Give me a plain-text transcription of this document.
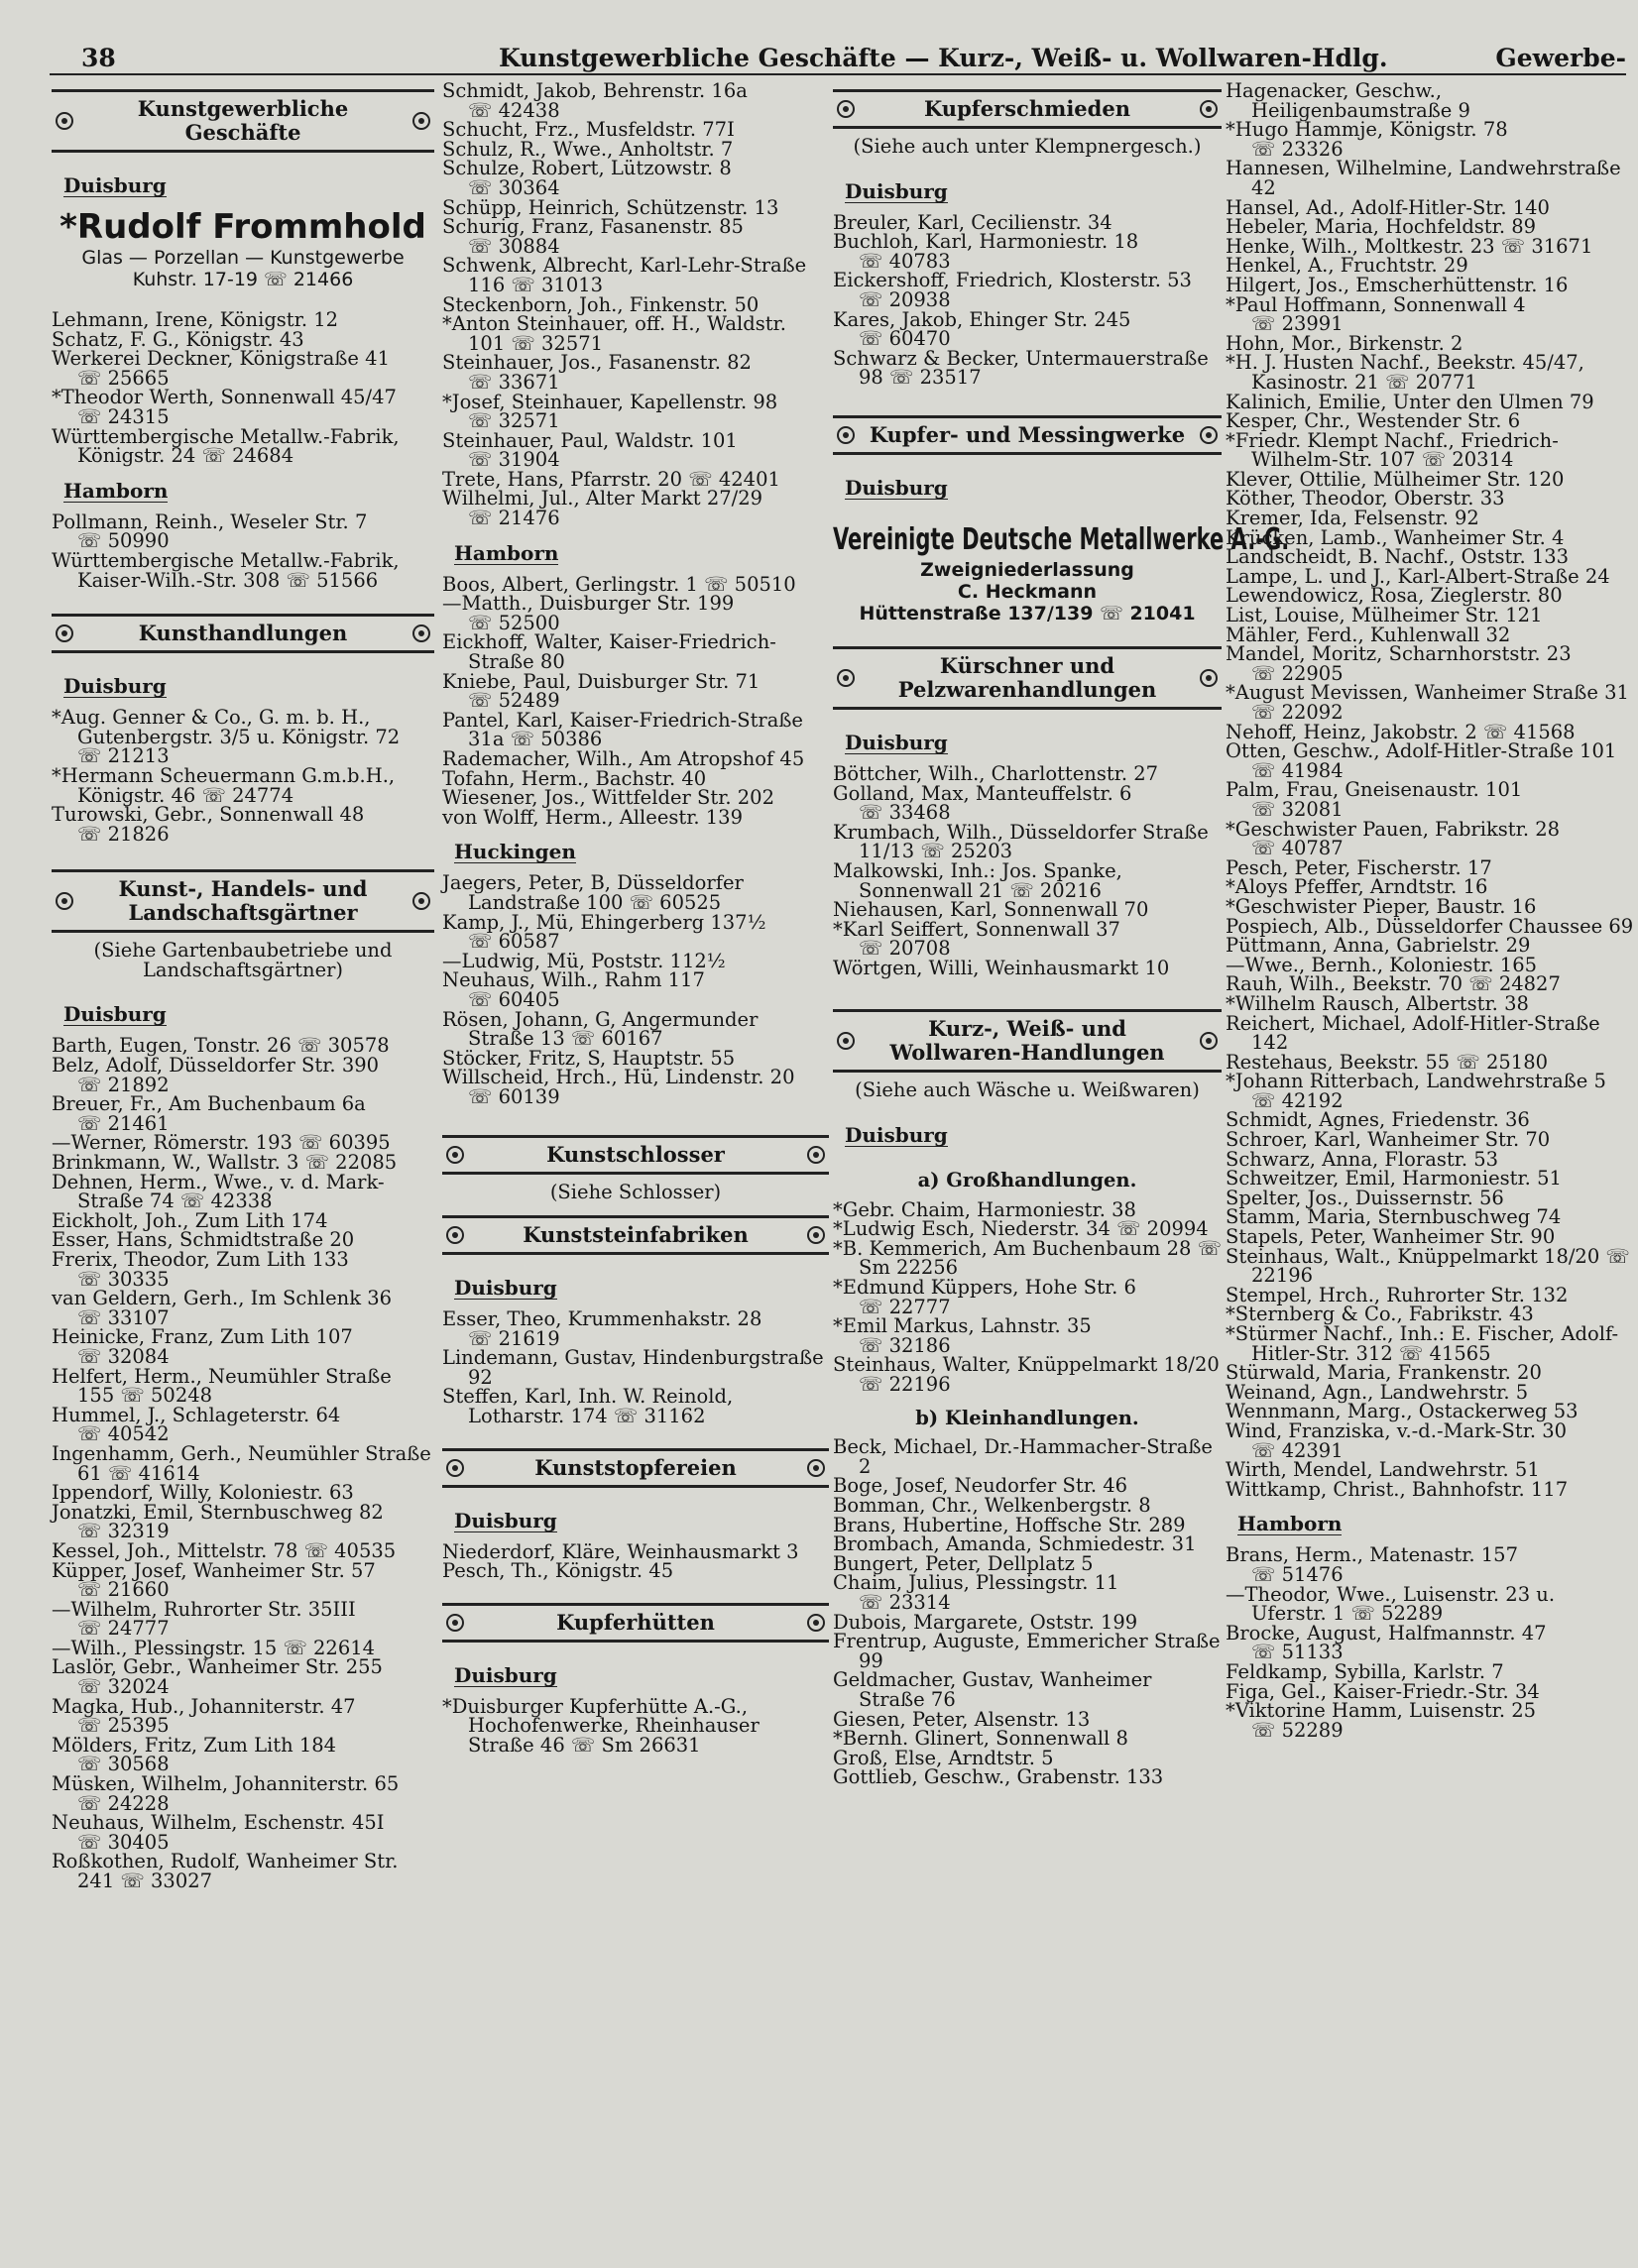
38	Kunstgewerbliche Geschäfte — Kurz-, Weiß- u. Wollwaren-Hdlg.	Gewerbe-
Kunstgewerbliche Geschäfte
Duisburg
*Rudolf Frommhold
Glas — Porzellan — Kunstgewerbe
Kuhstr. 17-19 ☏ 21466
Lehmann, Irene, Königstr. 12
Schatz, F. G., Königstr. 43
Werkerei Deckner, Königstraße 41
☏ 25665
*Theodor Werth, Sonnenwall 45/47
☏ 24315
Württembergische Metallw.-Fabrik, Königstr. 24 ☏ 24684
Hamborn
Pollmann, Reinh., Weseler Str. 7
☏ 50990
Württembergische Metallw.-Fabrik, Kaiser-Wilh.-Str. 308 ☏ 51566
Kunsthandlungen
Duisburg
*Aug. Genner & Co., G. m. b. H., Gutenbergstr. 3/5 u. Königstr. 72
☏ 21213
*Hermann Scheuermann G.m.b.H., Königstr. 46 ☏ 24774
Turowski, Gebr., Sonnenwall 48
☏ 21826
Kunst-, Handels- und
Landschaftsgärtner
(Siehe Gartenbaubetriebe und
Landschaftsgärtner)
Duisburg
Barth, Eugen, Tonstr. 26 ☏ 30578
Belz, Adolf, Düsseldorfer Str. 390
☏ 21892
Breuer, Fr., Am Buchenbaum 6a
☏ 21461
—Werner, Römerstr. 193 ☏ 60395
Brinkmann, W., Wallstr. 3 ☏ 22085
Dehnen, Herm., Wwe., v. d. Mark-Straße 74 ☏ 42338
Eickholt, Joh., Zum Lith 174
Esser, Hans, Schmidtstraße 20
Frerix, Theodor, Zum Lith 133
☏ 30335
van Geldern, Gerh., Im Schlenk 36
☏ 33107
Heinicke, Franz, Zum Lith 107
☏ 32084
Helfert, Herm., Neumühler Straße 155 ☏ 50248
Hummel, J., Schlageterstr. 64
☏ 40542
Ingenhamm, Gerh., Neumühler Straße 61 ☏ 41614
Ippendorf, Willy, Koloniestr. 63
Jonatzki, Emil, Sternbuschweg 82
☏ 32319
Kessel, Joh., Mittelstr. 78 ☏ 40535
Küpper, Josef, Wanheimer Str. 57
☏ 21660
—Wilhelm, Ruhrorter Str. 35III
☏ 24777
—Wilh., Plessingstr. 15 ☏ 22614
Laslör, Gebr., Wanheimer Str. 255
☏ 32024
Magka, Hub., Johanniterstr. 47
☏ 25395
Mölders, Fritz, Zum Lith 184
☏ 30568
Müsken, Wilhelm, Johanniterstr. 65
☏ 24228
Neuhaus, Wilhelm, Eschenstr. 45I
☏ 30405
Roßkothen, Rudolf, Wanheimer Str. 241 ☏ 33027
Schmidt, Jakob, Behrenstr. 16a
☏ 42438
Schucht, Frz., Musfeldstr. 77I
Schulz, R., Wwe., Anholtstr. 7
Schulze, Robert, Lützowstr. 8
☏ 30364
Schüpp, Heinrich, Schützenstr. 13
Schurig, Franz, Fasanenstr. 85
☏ 30884
Schwenk, Albrecht, Karl-Lehr-Straße 116 ☏ 31013
Steckenborn, Joh., Finkenstr. 50
*Anton Steinhauer, off. H., Waldstr. 101 ☏ 32571
Steinhauer, Jos., Fasanenstr. 82
☏ 33671
*Josef, Steinhauer, Kapellenstr. 98
☏ 32571
Steinhauer, Paul, Waldstr. 101
☏ 31904
Trete, Hans, Pfarrstr. 20 ☏ 42401
Wilhelmi, Jul., Alter Markt 27/29
☏ 21476
Hamborn
Boos, Albert, Gerlingstr. 1 ☏ 50510
—Matth., Duisburger Str. 199
☏ 52500
Eickhoff, Walter, Kaiser-Friedrich-Straße 80
Kniebe, Paul, Duisburger Str. 71
☏ 52489
Pantel, Karl, Kaiser-Friedrich-Straße 31a ☏ 50386
Rademacher, Wilh., Am Atropshof 45
Tofahn, Herm., Bachstr. 40
Wiesener, Jos., Wittfelder Str. 202
von Wolff, Herm., Alleestr. 139
Huckingen
Jaegers, Peter, B, Düsseldorfer Landstraße 100 ☏ 60525
Kamp, J., Mü, Ehingerberg 137½
☏ 60587
—Ludwig, Mü, Poststr. 112½
Neuhaus, Wilh., Rahm 117
☏ 60405
Rösen, Johann, G, Angermunder Straße 13 ☏ 60167
Stöcker, Fritz, S, Hauptstr. 55
Willscheid, Hrch., Hü, Lindenstr. 20
☏ 60139
Kunstschlosser
(Siehe Schlosser)
Kunststeinfabriken
Duisburg
Esser, Theo, Krummenhakstr. 28
☏ 21619
Lindemann, Gustav, Hindenburgstraße 92
Steffen, Karl, Inh. W. Reinold, Lotharstr. 174 ☏ 31162
Kunststopfereien
Duisburg
Niederdorf, Kläre, Weinhausmarkt 3
Pesch, Th., Königstr. 45
Kupferhütten
Duisburg
*Duisburger Kupferhütte A.-G., Hochofenwerke, Rheinhauser Straße 46 ☏ Sm 26631
Kupferschmieden
(Siehe auch unter Klempnergesch.)
Duisburg
Breuler, Karl, Cecilienstr. 34
Buchloh, Karl, Harmoniestr. 18
☏ 40783
Eickershoff, Friedrich, Klosterstr. 53
☏ 20938
Kares, Jakob, Ehinger Str. 245
☏ 60470
Schwarz & Becker, Untermauerstraße 98 ☏ 23517
Kupfer- und Messingwerke
Duisburg
Vereinigte Deutsche Metallwerke A.-G.
Zweigniederlassung
C. Heckmann
Hüttenstraße 137/139 ☏ 21041
Kürschner und
Pelzwarenhandlungen
Duisburg
Böttcher, Wilh., Charlottenstr. 27
Golland, Max, Manteuffelstr. 6
☏ 33468
Krumbach, Wilh., Düsseldorfer Straße 11/13 ☏ 25203
Malkowski, Inh.: Jos. Spanke, Sonnenwall 21 ☏ 20216
Niehausen, Karl, Sonnenwall 70
*Karl Seiffert, Sonnenwall 37
☏ 20708
Wörtgen, Willi, Weinhausmarkt 10
Kurz-, Weiß- und
Wollwaren-Handlungen
(Siehe auch Wäsche u. Weißwaren)
Duisburg
a) Großhandlungen.
*Gebr. Chaim, Harmoniestr. 38
*Ludwig Esch, Niederstr. 34 ☏ 20994
*B. Kemmerich, Am Buchenbaum 28 ☏ Sm 22256
*Edmund Küppers, Hohe Str. 6
☏ 22777
*Emil Markus, Lahnstr. 35
☏ 32186
Steinhaus, Walter, Knüppelmarkt 18/20 ☏ 22196
b) Kleinhandlungen.
Beck, Michael, Dr.-Hammacher-Straße 2
Boge, Josef, Neudorfer Str. 46
Bomman, Chr., Welkenbergstr. 8
Brans, Hubertine, Hoffsche Str. 289
Brombach, Amanda, Schmiedestr. 31
Bungert, Peter, Dellplatz 5
Chaim, Julius, Plessingstr. 11
☏ 23314
Dubois, Margarete, Oststr. 199
Frentrup, Auguste, Emmericher Straße 99
Geldmacher, Gustav, Wanheimer Straße 76
Giesen, Peter, Alsenstr. 13
*Bernh. Glinert, Sonnenwall 8
Groß, Else, Arndtstr. 5
Gottlieb, Geschw., Grabenstr. 133
Hagenacker, Geschw., Heiligenbaumstraße 9
*Hugo Hammje, Königstr. 78
☏ 23326
Hannesen, Wilhelmine, Landwehrstraße 42
Hansel, Ad., Adolf-Hitler-Str. 140
Hebeler, Maria, Hochfeldstr. 89
Henke, Wilh., Moltkestr. 23 ☏ 31671
Henkel, A., Fruchtstr. 29
Hilgert, Jos., Emscherhüttenstr. 16
*Paul Hoffmann, Sonnenwall 4
☏ 23991
Hohn, Mor., Birkenstr. 2
*H. J. Husten Nachf., Beekstr. 45/47, Kasinostr. 21 ☏ 20771
Kalinich, Emilie, Unter den Ulmen 79
Kesper, Chr., Westender Str. 6
*Friedr. Klempt Nachf., Friedrich-Wilhelm-Str. 107 ☏ 20314
Klever, Ottilie, Mülheimer Str. 120
Köther, Theodor, Oberstr. 33
Kremer, Ida, Felsenstr. 92
Krücken, Lamb., Wanheimer Str. 4
Landscheidt, B. Nachf., Oststr. 133
Lampe, L. und J., Karl-Albert-Straße 24
Lewendowicz, Rosa, Zieglerstr. 80
List, Louise, Mülheimer Str. 121
Mähler, Ferd., Kuhlenwall 32
Mandel, Moritz, Scharnhorststr. 23
☏ 22905
*August Mevissen, Wanheimer Straße 31 ☏ 22092
Nehoff, Heinz, Jakobstr. 2 ☏ 41568
Otten, Geschw., Adolf-Hitler-Straße 101 ☏ 41984
Palm, Frau, Gneisenaustr. 101
☏ 32081
*Geschwister Pauen, Fabrikstr. 28
☏ 40787
Pesch, Peter, Fischerstr. 17
*Aloys Pfeffer, Arndtstr. 16
*Geschwister Pieper, Baustr. 16
Pospiech, Alb., Düsseldorfer Chaussee 69
Püttmann, Anna, Gabrielstr. 29
—Wwe., Bernh., Koloniestr. 165
Rauh, Wilh., Beekstr. 70 ☏ 24827
*Wilhelm Rausch, Albertstr. 38
Reichert, Michael, Adolf-Hitler-Straße 142
Restehaus, Beekstr. 55 ☏ 25180
*Johann Ritterbach, Landwehrstraße 5 ☏ 42192
Schmidt, Agnes, Friedenstr. 36
Schroer, Karl, Wanheimer Str. 70
Schwarz, Anna, Florastr. 53
Schweitzer, Emil, Harmoniestr. 51
Spelter, Jos., Duissernstr. 56
Stamm, Maria, Sternbuschweg 74
Stapels, Peter, Wanheimer Str. 90
Steinhaus, Walt., Knüppelmarkt 18/20 ☏ 22196
Stempel, Hrch., Ruhrorter Str. 132
*Sternberg & Co., Fabrikstr. 43
*Stürmer Nachf., Inh.: E. Fischer, Adolf-Hitler-Str. 312 ☏ 41565
Stürwald, Maria, Frankenstr. 20
Weinand, Agn., Landwehrstr. 5
Wennmann, Marg., Ostackerweg 53
Wind, Franziska, v.-d.-Mark-Str. 30
☏ 42391
Wirth, Mendel, Landwehrstr. 51
Wittkamp, Christ., Bahnhofstr. 117
Hamborn
Brans, Herm., Matenastr. 157
☏ 51476
—Theodor, Wwe., Luisenstr. 23 u. Uferstr. 1 ☏ 52289
Brocke, August, Halfmannstr. 47
☏ 51133
Feldkamp, Sybilla, Karlstr. 7
Figa, Gel., Kaiser-Friedr.-Str. 34
*Viktorine Hamm, Luisenstr. 25
☏ 52289
